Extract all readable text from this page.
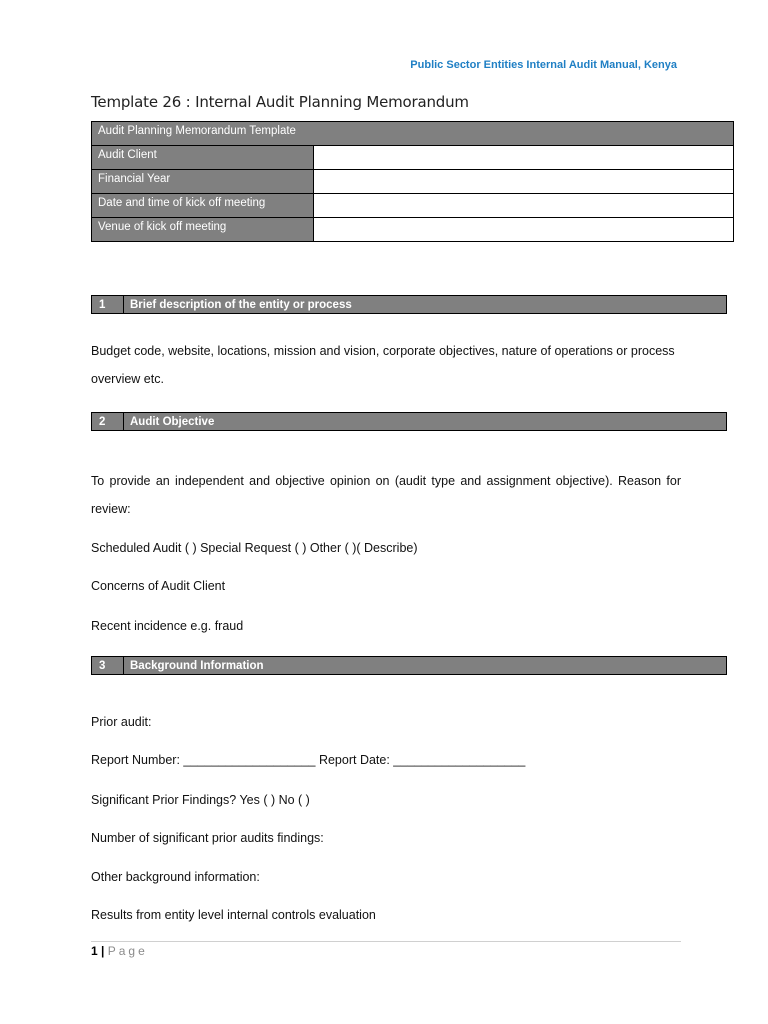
Public Sector Entities Internal Audit Manual, Kenya
Template 26 : Internal Audit Planning Memorandum
Audit Planning Memorandum Template	
Audit Client	
Financial Year	
Date and time of kick off meeting	
Venue of kick off meeting	
1	Brief description of the entity or process
Budget code, website, locations, mission and vision, corporate objectives, nature of operations or process overview etc.
2	Audit Objective
To provide an independent and objective opinion on (audit type and assignment objective). Reason for review:
Scheduled Audit ( ) Special Request ( ) Other ( )( Describe)
Concerns of Audit Client
Recent incidence e.g. fraud
3	Background Information
Prior audit:
Report Number: ___________________ Report Date: ___________________
Significant Prior Findings? Yes ( ) No ( )
Number of significant prior audits findings:
Other background information:
Results from entity level internal controls evaluation
1 | Page
